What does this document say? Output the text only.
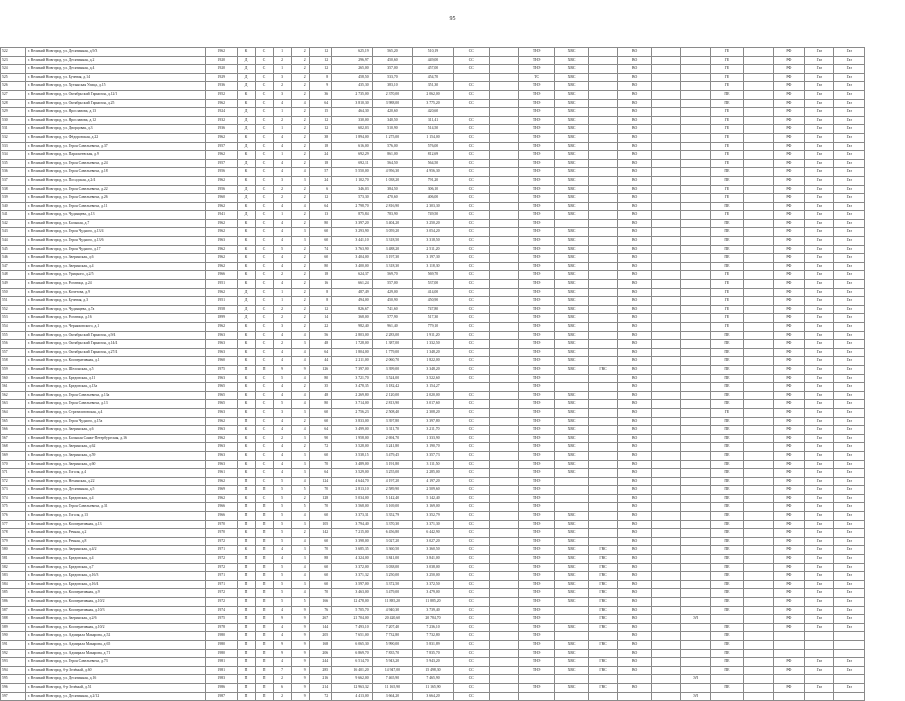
95
522	г. Великий Новгород, ул. Десятинная, д.9/3	1962	К	С	1	2	12	625,19	565,20	510,19	СС		ТНЭ	ХВС		ВО			ГЕ		РФ	Газ	Газ
523	г. Великий Новгород, ул. Десятинная, д.2	1920	Д	С	2	2	12	296,97	450,60	449,00	СС		ТНЭ	ХВС		ВО			ГЕ		РФ	Газ	Газ
524	г. Великий Новгород, ул. Десятинная, д.4	1920	Д	С	1	2	12	265,00	357,00	457,00	СС		ТНЭ	ХВС		ВО			ГЕ		РФ	Газ	Газ
525	г. Великий Новгород, ул. Бучевая, д.14	1929	Д	С	3	2	8	458,50	533,70	454,70			ТС	ХВС		ВО			ГЕ		РФ	Газ	Газ
526	г. Великий Новгород, ул. Хутынская Улица, д.15	1936	Д	С	2	2	9	435,30	383,10	351,30	СС		ТНЭ	ХВС		ВО			ГЕ		РФ	Газ	Газ
527	г. Великий Новгород, ул. Октябрьский Гарнизон, д.12/1	1952	К	С	3	2	36	2 735,00	2 370,00	2 062,00	СС		ТНЭ	ХВС		ВО			ПЕ		РФ	Газ	Газ
528	г. Великий Новгород, ул. Октябрьский Гарнизон, д.25	1962	К	С	4	4	64	3 810,30	3 988,00	3 775,20	СС		ТНЭ	ХВС		ВО			ПЕ		РФ	Газ	Газ
529	г. Великий Новгород, ул. Ярославова, д.13	1924	Д	С	1	2	15	464,30	420,60	420,60			ТНЭ	ХВС		ВО			ГЕ		РФ	Газ	Газ
530	г. Великий Новгород, ул. Ярославова, д.12	1932	Д	С	2	2	12	330,00	340,50	311,41	СС		ТНЭ	ХВС		ВО			ГЕ		РФ	Газ	Газ
531	г. Великий Новгород, ул. Дворцовая, д.3	1936	Д	С	1	2	12	602,03	510,90	514,50	СС		ТНЭ	ХВС		ВО			ГЕ		РФ	Газ	Газ
532	г. Великий Новгород, ул. Фёдоровская, д.22	1962	К	С	4	2	38	1 894,00	1 275,00	1 154,00	СС		ТНЭ	ХВС		ВО			ГЕ		РФ	Газ	Газ
533	г. Великий Новгород, ул. Героя Савельевича, д.37	1957	Д	С	4	2	18	616,00	576,00	576,00	СС		ТНЭ	ХВС		ВО			ГЕ		РФ	Газ	Газ
534	г. Великий Новгород, ул. Параскеевская, д.9	1962	К	С	1	2	24	692,29	861,00	812,69	СС		ТНЭ	ХВС		ВО			ГЕ		РФ	Газ	Газ
535	г. Великий Новгород, ул. Героя Савельевича, д.24	1957	Д	С	4	2	18	692,11	564,50	564,50	СС		ТНЭ	ХВС		ВО			ГЕ		РФ	Газ	Газ
536	г. Великий Новгород, ул. Героя Савельевича, д.18	1956	К	С	4	4	57	5 550,00	4 956,30	4 956,30	СС		ТНЭ	ХВС		ВО			ПЕ		РФ	Газ	Газ
537	г. Великий Новгород, ул. Посадская, д.2/4	1962	К	С	3	3	24	1 102,70	1 038,20	791,20	СС		ТНЭ	ХВС		ВО			ПЕ		РФ	Газ	Газ
538	г. Великий Новгород, ул. Героя Савельевича, д.22	1956	Д	С	2	2	6	346,03	384,50	306,10	СС		ТНЭ	ХВС		ВО			ГЕ		РФ	Газ	Газ
539	г. Великий Новгород, ул. Героя Савельевича, д.26	1960	Д	С	2	2	12	573,30	470,60	406,00	СС		ТНЭ	ХВС		ВО			ГЕ		РФ	Газ	Газ
540	г. Великий Новгород, ул. Героя Савельевича, д.11	1962	К	С	4	4	64	2 798,70	2 816,90	2 303,30	СС		ТНЭ	ХВС		ВО			ПЕ		РФ	Газ	Газ
541	г. Великий Новгород, ул. Чудинцева, д.13	1941	Д	С	1	2	13	875,84	783,90	749,50	СС		ТНЭ	ХВС		ВО			ГЕ		РФ	Газ	Газ
542	г. Великий Новгород, ул. Большая, д.7	1962	К	С	4	2	80	3 397,20	3 404,20	3 250,20	СС		ТНЭ			ВО			ПЕ		РФ	Газ	Газ
543	г. Великий Новгород, ул. Героя Чудного, д.13/4	1962	К	С	4	3	60	3 293,90	3 059,20	3 054,20	СС		ТНЭ	ХВС		ВО			ПЕ		РФ	Газ	Газ
544	г. Великий Новгород, ул. Героя Чудного, д.13/6	1963	К	С	4	3	60	3 441,10	3 318,50	3 318,50	СС		ТНЭ	ХВС		ВО			ПЕ		РФ	Газ	Газ
545	г. Великий Новгород, ул. Героя Чудного, д.17	1962	К	С	5	2	74	3 763,90	3 488,20	2 511,20	СС		ТНЭ	ХВС		ВО			ПЕ		РФ	Газ	Газ
546	г. Великий Новгород, ул. Зверинская, д.6	1962	К	С	4	2	60	3 404,00	3 197,30	3 197,30	СС		ТНЭ	ХВС		ВО			ПЕ		РФ	Газ	Газ
547	г. Великий Новгород, ул. Зверинская, д.4	1962	К	С	4	2	80	3 400,00	3 318,30	3 118,30	СС		ТНЭ	ХВС		ВО			ПЕ		РФ	Газ	Газ
548	г. Великий Новгород, ул. Урицкого, д.2/5	1966	К	С	2	2	18	624,37	569,70	569,70	СС		ТНЭ	ХВС		ВО			ГЕ		РФ	Газ	Газ
549	г. Великий Новгород, ул. Рогатица, д.24	1951	К	С	4	2	16	661,24	557,00	537,00	СС		ТНЭ	ХВС		ВО			ГЕ		РФ	Газ	Газ
550	г. Великий Новгород, ул. Кочетова, д.9	1962	Д	С	1	2	8	487,49	429,00	414,00	СС		ТНЭ	ХВС		ВО			ГЕ		РФ	Газ	Газ
551	г. Великий Новгород, ул. Бучевая, д.3	1951	Д	С	1	2	8	494,00	450,90	450,90	СС		ТНЭ	ХВС		ВО			ГЕ		РФ	Газ	Газ
552	г. Великий Новгород, ул. Чудинцева, д.7а	1958	Д	С	2	2	12	826,67	741,60	747,80	СС		ТНЭ	ХВС		ВО			ГЕ		РФ	Газ	Газ
553	г. Великий Новгород, ул. Рогатица, д.16	1899	Д	С	2	2	14	368,00	577,90	517,30	СС		ТНЭ	ХВС		ВО			ГЕ		РФ	Газ	Газ
554	г. Великий Новгород, ул. Черняховского, д.1	1962	К	С	3	2	22	982,40	961,40	779,10	СС		ТНЭ	ХВС		ВО			ГЕ		РФ	Газ	Газ
555	г. Великий Новгород, ул. Октябрьский Гарнизон, д.9/4	1963	К	С	4	4	56	2 803,00	2 283,00	1 911,20	СС		ТНЭ	ХВС		ВО			ПЕ		РФ	Газ	Газ
556	г. Великий Новгород, ул. Октябрьский Гарнизон, д.14/4	1963	К	С	2	3	48	1 728,00	1 387,00	1 332,50	СС		ТНЭ	ХВС		ВО			ПЕ		РФ	Газ	Газ
557	г. Великий Новгород, ул. Октябрьский Гарнизон, д.27/4	1963	К	С	4	4	64	1 804,00	1 779,00	1 348,20	СС		ТНЭ	ХВС		ВО			ПЕ		РФ	Газ	Газ
558	г. Великий Новгород, ул. Кооперативная, д.1	1960	К	С	4	4	44	2 211,00	2 060,70	1 822,00	СС		ТНЭ	ХВС		ВО			ПЕ		РФ	Газ	Газ
559	г. Великий Новгород, ул. Шелонская, д.5	1975	П	П	9	9	126	7 397,00	3 399,00	3 348,20	СС		ТНЭ	ХВС	ГВС	ВО			ПЕ		РФ	Газ	Газ
560	г. Великий Новгород, ул. Бредовская, д.11	1963	К	С	5	4	80	3 721,70	3 524,00	3 522,60	СС		ТНЭ			ВО			ПЕ		РФ	Газ	Газ
561	г. Великий Новгород, ул. Бредовская, д.13а	1965	К	С	4	2	35	3 478,35	3 182,42	3 154,27			ТНЭ			ВО			ПЕ		РФ	Газ	Газ
562	г. Великий Новгород, ул. Героя Савельевича, д.13а	1965	К	С	4	4	48	2 269,80	2 120,00	2 020,00	СС		ТНЭ	ХВС		ВО			ПЕ		РФ	Газ	Газ
563	г. Великий Новгород, ул. Героя Савельевича, д.13	1965	К	С	5	4	80	3 714,00	2 813,90	3 017,60	СС		ТНЭ	ХВС		ВО			ПЕ		РФ	Газ	Газ
564	г. Великий Новгород, ул. Стратилатовская, д.4	1963	К	С	3	3	60	2 756,23	2 508,40	2 308,20	СС		ТНЭ	ХВС		ВО			ГЕ		РФ	Газ	Газ
565	г. Великий Новгород, ул. Героя Чудного, д.15а	1962	П	С	4	2	60	3 833,00	3 397,80	3 397,80	СС		ТНЭ	ХВС		ВО			ПЕ		РФ	Газ	Газ
566	г. Великий Новгород, ул. Зверинская, д.6	1963	К	С	4	4	64	3 499,00	3 311,70	3 211,70	СС		ТНЭ	ХВС		ВО			ПЕ		РФ	Газ	Газ
567	г. Великий Новгород, ул. Большая Санкт-Петербургская, д.16	1962	К	С	2	3	90	1 958,00	2 694,70	1 333,90	СС		ТНЭ	ХВС		ВО			ПЕ		РФ	Газ	Газ
568	г. Великий Новгород, ул. Зверинская, д.62	1963	К	С	4	2	72	3 528,00	3 241,80	3 190,70	СС		ТНЭ	ХВС		ВО			ПЕ		РФ	Газ	Газ
569	г. Великий Новгород, ул. Зверинская, д.59	1963	К	С	4	3	60	3 538,15	3 479,45	3 357,73	СС		ТНЭ	ХВС		ВО			ПЕ		РФ	Газ	Газ
570	г. Великий Новгород, ул. Зверинская, д.60	1963	К	С	4	3	70	3 489,00	3 191,80	3 111,50	СС		ТНЭ	ХВС		ВО			ПЕ		РФ	Газ	Газ
571	г. Великий Новгород, ул. Гоголя, д.4	1961	К	С	4	3	64	3 529,00	3 255,00	2 285,00	СС		ТНЭ	ХВС		ВО			ПЕ		РФ	Газ	Газ
572	г. Великий Новгород, ул. Нехинская, д.22	1962	П	С	5	4	124	4 644,70	4 197,20	4 197,20	СС		ТНЭ			ВО			ПЕ		РФ	Газ	Газ
573	г. Великий Новгород, ул. Десятинная, д.5	1969	П	П	5	5	70	2 813,10	2 589,90	2 509,60	СС		ТНЭ			ВО			ПЕ		РФ	Газ	Газ
574	г. Великий Новгород, ул. Бредовская, д.4	1962	К	С	5	2	128	5 034,00	5 142,40	5 142,40	СС		ТНЭ			ВО			ПЕ		РФ	Газ	Газ
575	г. Великий Новгород, ул. Героя Савельевича, д.31	1966	П	П	5	5	70	3 568,00	3 169,00	3 169,00	СС		ТНЭ			ВО			ПЕ		РФ	Газ	Газ
576	г. Великий Новгород, ул. Гоголя, д.13	1966	П	П	5	4	60	3 373,31	3 352,79	3 352,79	СС		ТНЭ	ХВС		ВО			ПЕ		РФ	Газ	Газ
577	г. Великий Новгород, ул. Кооперативная, д.13	1970	П	П	5	3	105	3 794,40	3 370,30	3 371,30	СС		ТНЭ	ХВС		ВО			ПЕ		РФ	Газ	Газ
578	г. Великий Новгород, ул. Речная, д.2	1970	К	П	5	2	142	7 215,00	6 456,80	6 442,90	СС		ТНЭ	ХВС		ВО			ПЕ		РФ	Газ	Газ
579	г. Великий Новгород, ул. Речная, д.8	1972	П	П	5	4	60	3 398,00	3 027,20	3 027,20	СС		ТНЭ	ХВС		ВО			ПЕ		РФ	Газ	Газ
580	г. Великий Новгород, ул. Зверинская, д.4/2	1971	К	П	4	3	70	3 685,35	3 360,50	3 360,50	СС		ТНЭ	ХВС	ГВС	ВО			ПЕ		РФ	Газ	Газ
581	г. Великий Новгород, ул. Бредовская, д.4	1972	П	П	4	3	88	4 324,00	3 841,00	3 841,00	СС		ТНЭ	ХВС	ГВС	ВО			ПЕ		РФ	Газ	Газ
582	г. Великий Новгород, ул. Бредовская, д.7	1972	П	П	5	4	60	3 372,00	3 038,00	3 038,00	СС		ТНЭ	ХВС	ГВС	ВО			ПЕ		РФ	Газ	Газ
583	г. Великий Новгород, ул. Бредовская, д.16/3	1971	П	П	5	4	60	3 371,32	3 250,00	3 250,00	СС		ТНЭ	ХВС	ГВС	ВО			ПЕ		РФ	Газ	Газ
584	г. Великий Новгород, ул. Бредовская, д.16/4	1971	П	П	5	3	60	3 597,00	3 372,50	3 372,50	СС		ТНЭ	ХВС	ГВС	ВО			ПЕ		РФ	Газ	Газ
585	г. Великий Новгород, ул. Кооперативная, д.9	1972	П	П	5	4	70	3 463,00	3 479,00	3 479,00	СС		ТНЭ	ХВС	ГВС	ВО			ПЕ		РФ	Газ	Газ
586	г. Великий Новгород, ул. Кооперативная, д.10/2	1972	П	П	5	5	166	12 478,00	11 885,20	11 885,20	СС		ТНЭ	ХВС	ГВС	ВО			ПЕ		РФ	Газ	Газ
587	г. Великий Новгород, ул. Кооперативная, д.10/3	1974	П	П	4	9	76	5 705,70	4 940,30	3 739,40	СС		ТНЭ		ГВС	ВО			ПЕ		РФ	Газ	Газ
588	г. Великий Новгород, ул. Зверинская, д.2/6	1975	П	П	9	9	267	21 704,00	20 420,60	20 784,70	СС		ТНЭ		ГВС	ВО		ЭЛ			РФ	Газ	Газ
589	г. Великий Новгород, ул. Кооперативная, д.10/2	1978	П	П	4	9	144	7 493,10	7 207,40	7 236,10	СС		ТНЭ	ХВС	ГВС	ВО			ПЕ		РФ	Газ	Газ
590	г. Великий Новгород, ул. Адмирала Макарова, д.52	1980	П	П	4	9	205	7 651,00	7 732,80	7 732,80	СС		ТНЭ			ВО			ПЕ				
591	г. Великий Новгород, ул. Адмирала Макарова, д.65	1980	П	П	9	9	168	6 065,30	5 990,00	5 831,89	СС		ТНЭ	ХВС	ГВС	ВО			ПЕ				
592	г. Великий Новгород, ул. Адмирала Макарова, д.71	1980	П	П	9	9	206	6 869,70	7 835,70	7 835,70	СС		ТНЭ	ХВС		ВО			ПЕ				
593	г. Великий Новгород, ул. Героя Савельевича, д.73	1981	П	П	4	9	244	6 514,70	5 943,20	5 943,20	СС		ТНЭ	ХВС	ГВС	ВО			ПЕ		РФ	Газ	Газ
594	г. Великий Новгород, б-р Зелёный, д.60	1981	П	П	7	9	285	16 401,20	14 947,00	15 498,30	СС		ТНЭ	ХВС	ГВС	ВО			ПЕ		РФ	Газ	Газ
595	г. Великий Новгород, ул. Десятинная, д.16	1983	П	П	2	9	216	9 662,00	7 465,90	7 465,90	СС							ЭЛ					
596	г. Великий Новгород, б-р Зелёный, д.51	1986	П	П	6	9	214	12 963,32	11 165,90	11 165,90	СС		ТНЭ	ХВС	ГВС	ВО			ПЕ		РФ	Газ	Газ
597	г. Великий Новгород, ул. Десятинная, д.2/12	1987	П	П	2	9	72	4 413,00	3 664,20	3 664,20	СС							ЭЛ					
